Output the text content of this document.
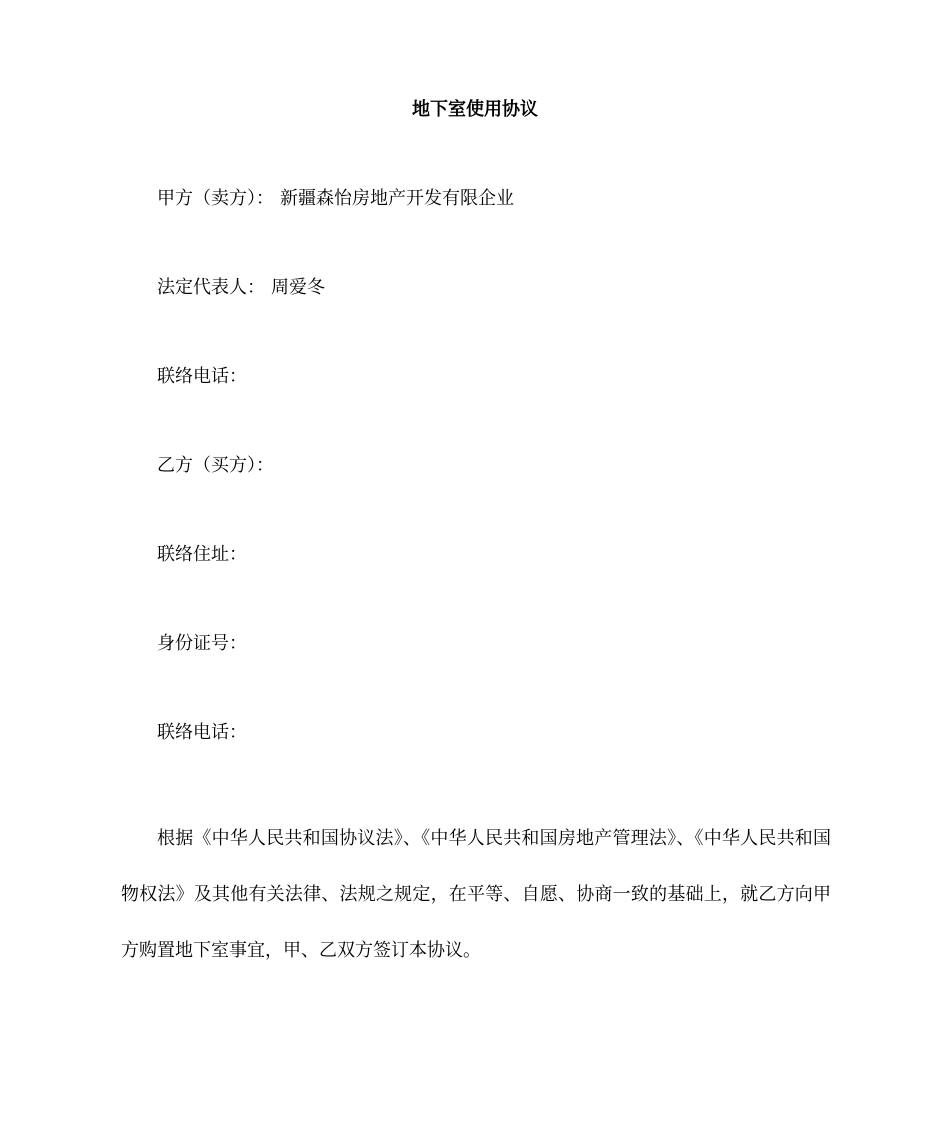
地下室使用协议
甲方（卖方）： 新疆森怡房地产开发有限企业
法定代表人： 周爱冬
联络电话：
乙方（买方）：
联络住址：
身份证号：
联络电话：

根据《中华人民共和国协议法》、《中华人民共和国房地产管理法》、《中华人民共和国物权法》及其他有关法律、法规之规定，在平等、自愿、协商一致的基础上，就乙方向甲方购置地下室事宜，甲、乙双方签订本协议。
